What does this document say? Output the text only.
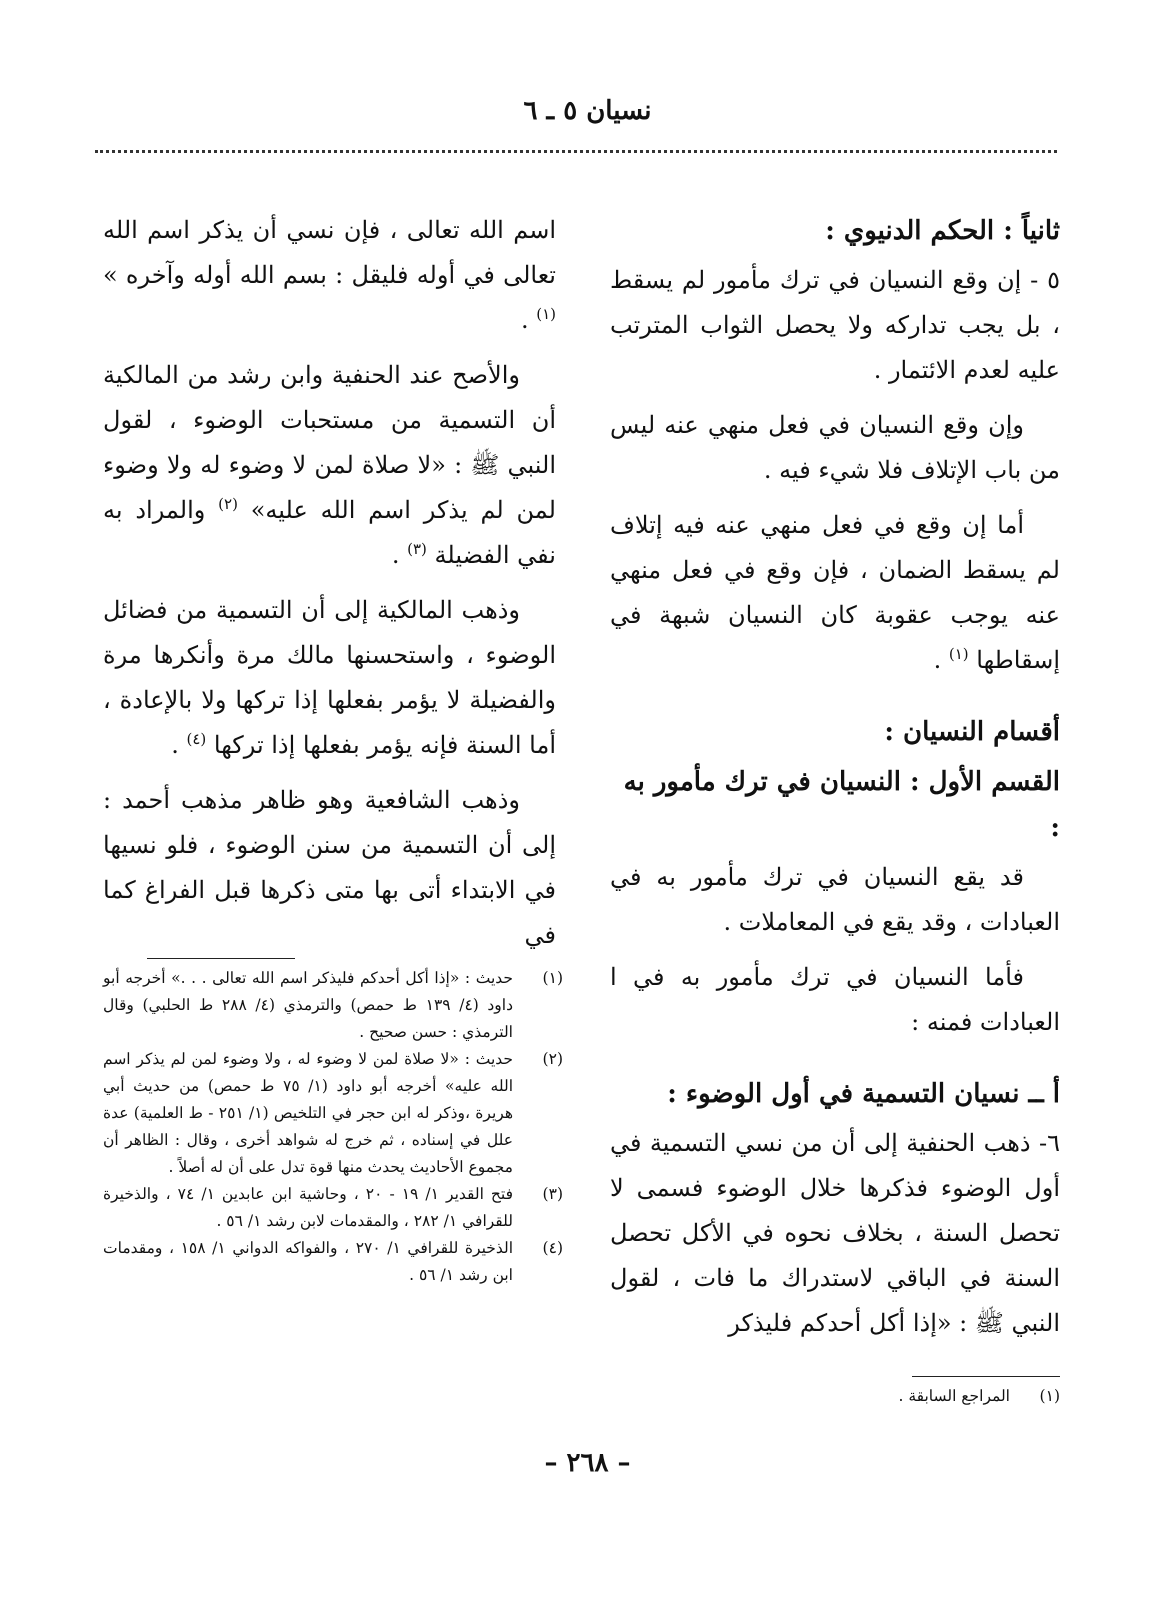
نسيان ٥ ـ ٦
ثانياً : الحكم الدنيوي :

٥ - إن وقع النسيان في ترك مأمور لم يسقط ، بل يجب تداركه ولا يحصل الثواب المترتب عليه لعدم الائتمار .

وإن وقع النسيان في فعل منهي عنه ليس من باب الإتلاف فلا شيء فيه .

أما إن وقع في فعل منهي عنه فيه إتلاف لم يسقط الضمان ، فإن وقع في فعل منهي عنه يوجب عقوبة كان النسيان شبهة في إسقاطها $^{(١)}$ .

أقسام النسيان :
القسم الأول : النسيان في ترك مأمور به :

قد يقع النسيان في ترك مأمور به في العبادات ، وقد يقع في المعاملات .

فأما النسيان في ترك مأمور به في ا العبادات فمنه :

أ ــ نسيان التسمية في أول الوضوء :

٦- ذهب الحنفية إلى أن من نسي التسمية في أول الوضوء فذكرها خلال الوضوء فسمى لا تحصل السنة ، بخلاف نحوه في الأكل تحصل السنة في الباقي لاستدراك ما فات ، لقول النبي ﷺ : «إذا أكل أحدكم فليذكر

اسم الله تعالى ، فإن نسي أن يذكر اسم الله تعالى في أوله فليقل : بسم الله أوله وآخره » $^{(١)}$ .

والأصح عند الحنفية وابن رشد من المالكية أن التسمية من مستحبات الوضوء ، لقول النبي ﷺ : «لا صلاة لمن لا وضوء له ولا وضوء لمن لم يذكر اسم الله عليه» $^{(٢)}$ والمراد به نفي الفضيلة $^{(٣)}$ .

وذهب المالكية إلى أن التسمية من فضائل الوضوء ، واستحسنها مالك مرة وأنكرها مرة والفضيلة لا يؤمر بفعلها إذا تركها ولا بالإعادة ، أما السنة فإنه يؤمر بفعلها إذا تركها $^{(٤)}$ .

وذهب الشافعية وهو ظاهر مذهب أحمد : إلى أن التسمية من سنن الوضوء ، فلو نسيها في الابتداء أتى بها متى ذكرها قبل الفراغ كما في

(١)
حديث : «إذا أكل أحدكم فليذكر اسم الله تعالى . . .» أخرجه أبو داود (٤/ ١٣٩ ط حمص) والترمذي (٤/ ٢٨٨ ط الحلبي) وقال الترمذي : حسن صحيح .
(٢)
حديث : «لا صلاة لمن لا وضوء له ، ولا وضوء لمن لم يذكر اسم الله عليه» أخرجه أبو داود (١/ ٧٥ ط حمص) من حديث أبي هريرة ،وذكر له ابن حجر في التلخيص (١/ ٢٥١ - ط العلمية) عدة علل في إسناده ، ثم خرج له شواهد أخرى ، وقال : الظاهر أن مجموع الأحاديث يحدث منها قوة تدل على أن له أصلاً .
(٣)
فتح القدير ١/ ١٩ - ٢٠ ، وحاشية ابن عابدين ١/ ٧٤ ، والذخيرة للقرافي ١/ ٢٨٢ ، والمقدمات لابن رشد ١/ ٥٦ .
(٤)
الذخيرة للقرافي ١/ ٢٧٠ ، والفواكه الدواني ١/ ١٥٨ ، ومقدمات ابن رشد ١/ ٥٦ .
(١)
المراجع السابقة .
– ٢٦٨ –
